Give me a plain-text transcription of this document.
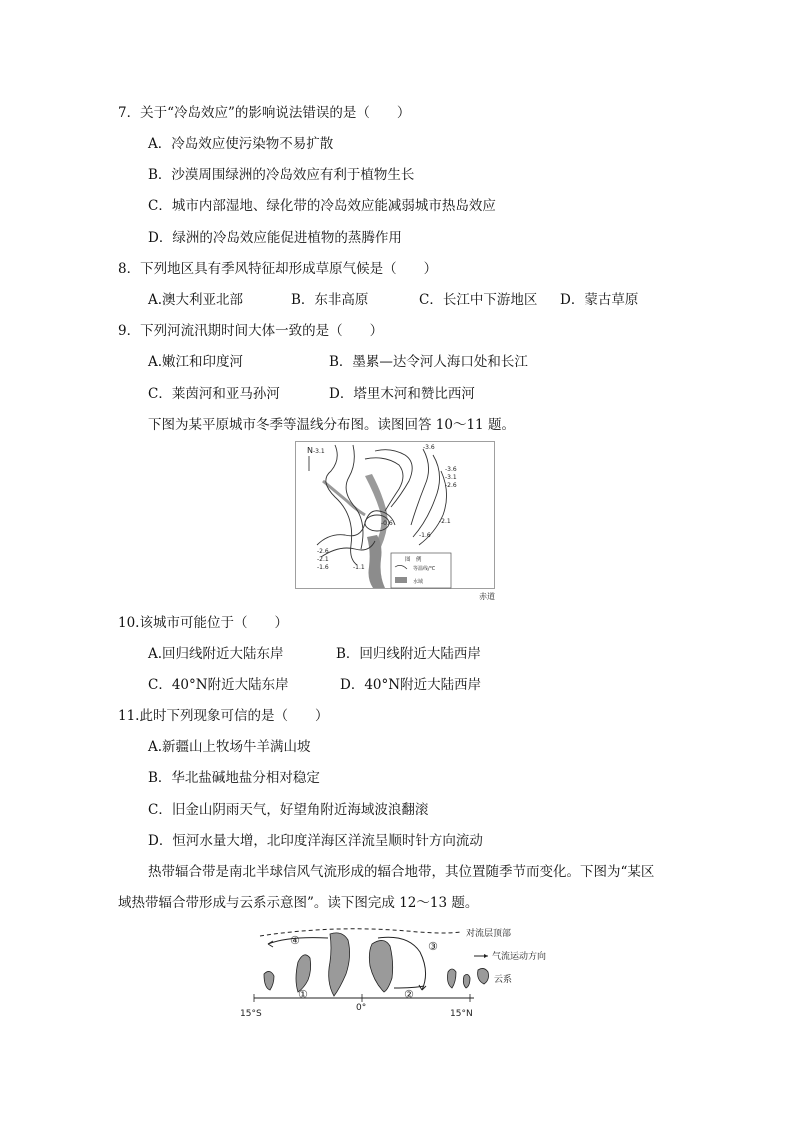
7．关于“冷岛效应”的影响说法错误的是（　　）
A．冷岛效应使污染物不易扩散
B．沙漠周围绿洲的冷岛效应有利于植物生长
C．城市内部湿地、绿化带的冷岛效应能减弱城市热岛效应
D．绿洲的冷岛效应能促进植物的蒸腾作用
8．下列地区具有季风特征却形成草原气候是（　　）
A.澳大利亚北部	B．东非高原	C．长江中下游地区 D．蒙古草原
9．下列河流汛期时间大体一致的是（　　）
A.嫩江和印度河	B．墨累—达令河人海口处和长江
C．莱茵河和亚马孙河	D．塔里木河和赞比西河
下图为某平原城市冬季等温线分布图。读图回答 10～11 题。
N -3.1
-3.6
-3.6
-3.1
-2.6
-2.1
-1.6
-0.6
-1.1
-2.6
-2.1
-1.6
图　例
等温线/℃
水域
赤道
10.该城市可能位于（　　）
A.回归线附近大陆东岸	B．回归线附近大陆西岸
C．40°N附近大陆东岸	D．40°N附近大陆西岸
11.此时下列现象可信的是（　　）
A.新疆山上牧场牛羊满山坡
B．华北盐碱地盐分相对稳定
C．旧金山阴雨天气，好望角附近海域波浪翻滚
D．恒河水量大增，北印度洋海区洋流呈顺时针方向流动
热带辐合带是南北半球信风气流形成的辐合地带，其位置随季节而变化。下图为“某区
域热带辐合带形成与云系示意图”。读下图完成 12～13 题。
对流层顶部
气流运动方向
云系
④	③
①	②
15°S
0°
15°N
